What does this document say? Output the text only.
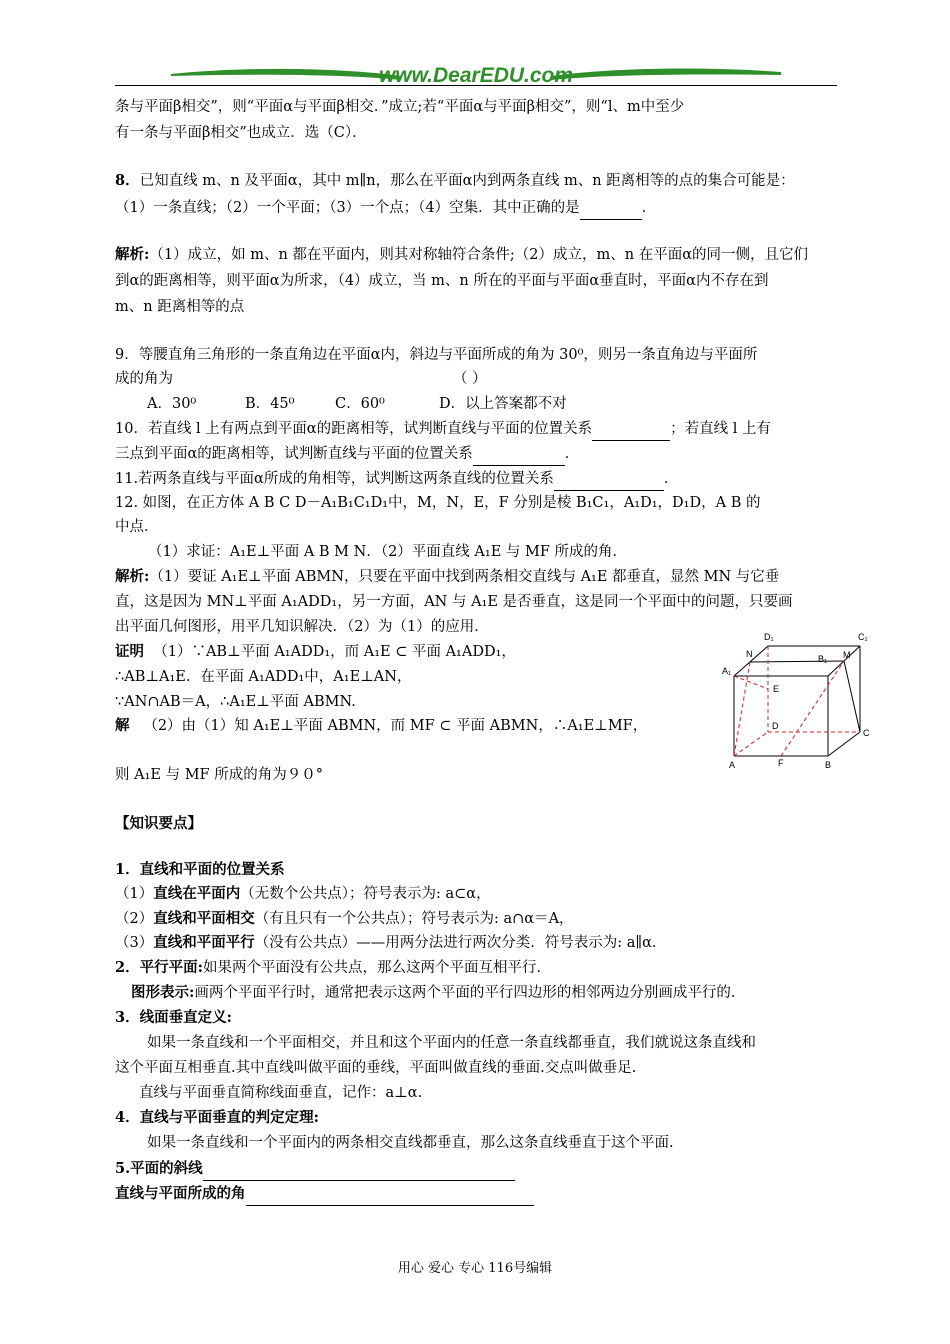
www.DearEDU.com
条与平面β相交”，则“平面α与平面β相交．”成立;若“平面α与平面β相交”，则“l、m中至少
有一条与平面β相交”也成立．选（C）．
8．已知直线 m、n 及平面α，其中 m∥n，那么在平面α内到两条直线 m、n 距离相等的点的集合可能是：
（1）一条直线；（2）一个平面；（3）一个点；（4）空集．其中正确的是	．
解析:（1）成立，如 m、n 都在平面内，则其对称轴符合条件;（2）成立，m、n 在平面α的同一侧，且它们
到α的距离相等，则平面α为所求，（4）成立，当 m、n 所在的平面与平面α垂直时，平面α内不存在到
m、n 距离相等的点
9．等腰直角三角形的一条直角边在平面α内，斜边与平面所成的角为 30⁰，则另一条直角边与平面所
成的角为	（ ）
A．30⁰	B．45⁰	C．60⁰	D．以上答案都不对
10．若直线 l 上有两点到平面α的距离相等，试判断直线与平面的位置关系	；若直线 l 上有
三点到平面α的距离相等，试判断直线与平面的位置关系	．
11.若两条直线与平面α所成的角相等，试判断这两条直线的位置关系	．
12. 如图，在正方体 A B C D－A₁B₁C₁D₁中，M，N，E，F 分别是棱 B₁C₁，A₁D₁，D₁D，A B 的
中点．
（1）求证：A₁E⊥平面 A B M N．（2）平面直线 A₁E 与 MF 所成的角．
解析:（1）要证 A₁E⊥平面 ABMN，只要在平面中找到两条相交直线与 A₁E 都垂直，显然 MN 与它垂
直，这是因为 MN⊥平面 A₁ADD₁，另一方面，AN 与 A₁E 是否垂直，这是同一个平面中的问题，只要画
出平面几何图形，用平几知识解决．（2）为（1）的应用．
证明 （1）∵AB⊥平面 A₁ADD₁，而 A₁E ⊂ 平面 A₁ADD₁，
∴AB⊥A₁E．在平面 A₁ADD₁中，A₁E⊥AN，
∵AN∩AB＝A，∴A₁E⊥平面 ABMN.
解 （2）由（1）知 A₁E⊥平面 ABMN，而 MF ⊂ 平面 ABMN，∴A₁E⊥MF，
则 A₁E 与 MF 所成的角为９０°
D₁	C₁
N
A₁
B₁ M
E
D
C
A	F	B
【知识要点】
1．直线和平面的位置关系
（1）直线在平面内（无数个公共点）；符号表示为: a⊂α，
（2）直线和平面相交（有且只有一个公共点）；符号表示为: a∩α＝A，
（3）直线和平面平行（没有公共点）——用两分法进行两次分类．符号表示为: a∥α．
2．平行平面:如果两个平面没有公共点，那么这两个平面互相平行．
图形表示:画两个平面平行时，通常把表示这两个平面的平行四边形的相邻两边分别画成平行的．
3．线面垂直定义:
如果一条直线和一个平面相交，并且和这个平面内的任意一条直线都垂直，我们就说这条直线和
这个平面互相垂直.其中直线叫做平面的垂线，平面叫做直线的垂面.交点叫做垂足.
直线与平面垂直简称线面垂直，记作：a⊥α.
4．直线与平面垂直的判定定理:
如果一条直线和一个平面内的两条相交直线都垂直，那么这条直线垂直于这个平面.
5.平面的斜线
直线与平面所成的角
用心 爱心 专心 116号编辑
